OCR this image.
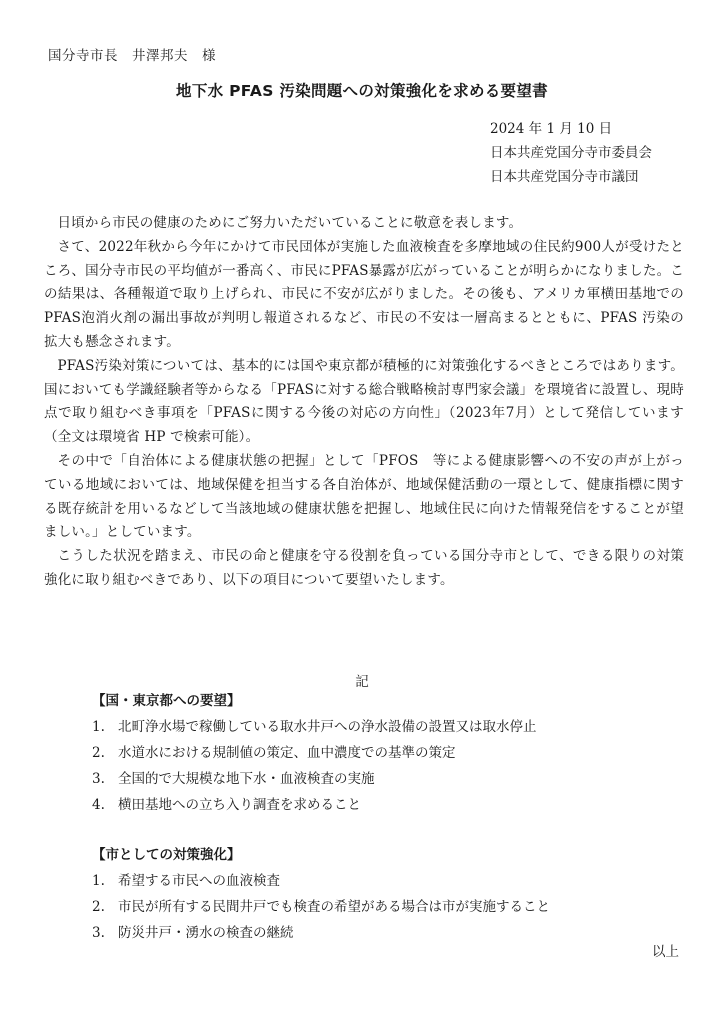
国分寺市長　井澤邦夫　様
地下水 PFAS 汚染問題への対策強化を求める要望書
2024 年 1 月 10 日
日本共産党国分寺市委員会
日本共産党国分寺市議団

日頃から市民の健康のためにご努力いただいていることに敬意を表します。

さて、2022年秋から今年にかけて市民団体が実施した血液検査を多摩地域の住民約900人が受けたところ、国分寺市民の平均値が一番高く、市民にPFAS暴露が広がっていることが明らかになりました。この結果は、各種報道で取り上げられ、市民に不安が広がりました。その後も、アメリカ軍横田基地でのPFAS泡消火剤の漏出事故が判明し報道されるなど、市民の不安は一層高まるとともに、PFAS 汚染の拡大も懸念されます。

PFAS汚染対策については、基本的には国や東京都が積極的に対策強化するべきところではあります。国においても学識経験者等からなる「PFASに対する総合戦略検討専門家会議」を環境省に設置し、現時点で取り組むべき事項を「PFASに関する今後の対応の方向性」（2023年7月）として発信しています（全文は環境省 HP で検索可能）。

その中で「自治体による健康状態の把握」として「PFOS　等による健康影響への不安の声が上がっている地域においては、地域保健を担当する各自治体が、地域保健活動の一環として、健康指標に関する既存統計を用いるなどして当該地域の健康状態を把握し、地域住民に向けた情報発信をすることが望ましい。」としています。

こうした状況を踏まえ、市民の命と健康を守る役割を負っている国分寺市として、できる限りの対策強化に取り組むべきであり、以下の項目について要望いたします。

記
【国・東京都への要望】
1. 北町浄水場で稼働している取水井戸への浄水設備の設置又は取水停止
2. 水道水における規制値の策定、血中濃度での基準の策定
3. 全国的で大規模な地下水・血液検査の実施
4. 横田基地への立ち入り調査を求めること
【市としての対策強化】
1. 希望する市民への血液検査
2. 市民が所有する民間井戸でも検査の希望がある場合は市が実施すること
3. 防災井戸・湧水の検査の継続
以上
